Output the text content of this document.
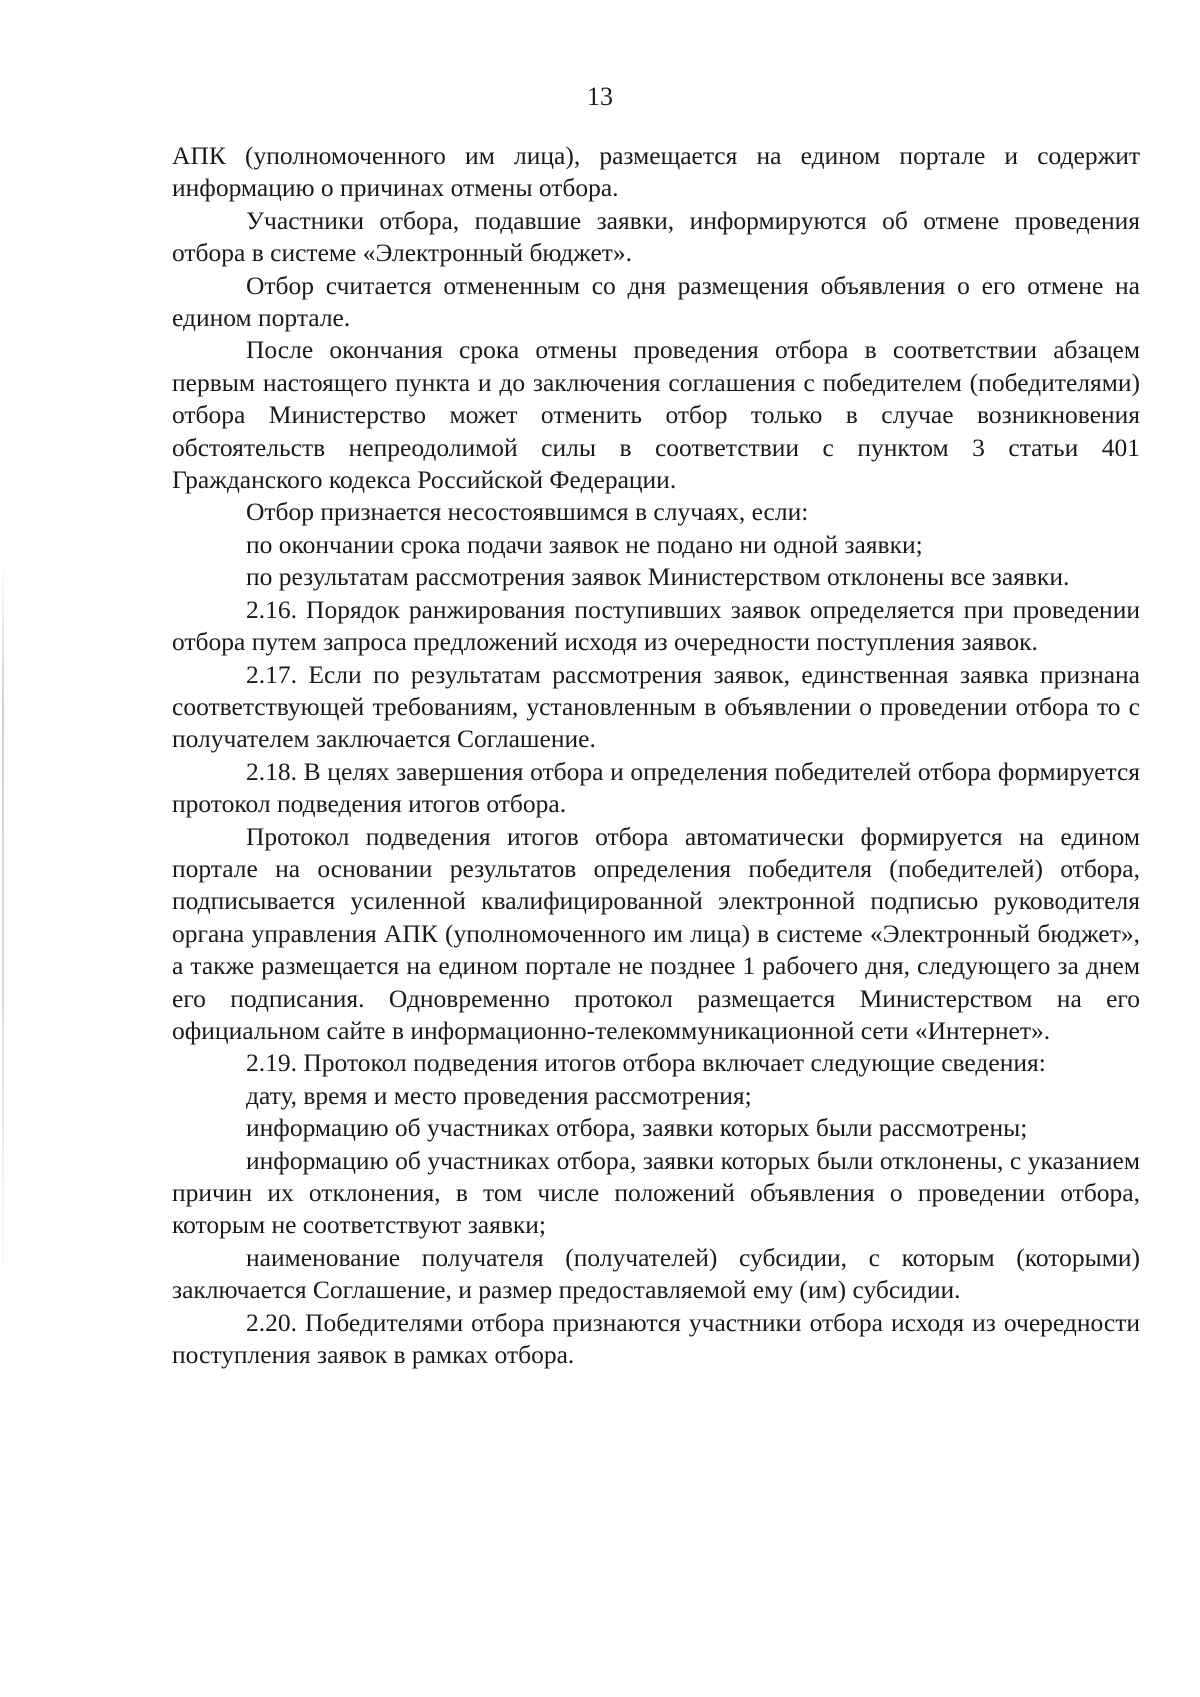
13

АПК (уполномоченного им лица), размещается на едином портале и содержит информацию о причинах отмены отбора.

Участники отбора, подавшие заявки, информируются об отмене проведения отбора в системе «Электронный бюджет».

Отбор считается отмененным со дня размещения объявления о его отмене на едином портале.

После окончания срока отмены проведения отбора в соответствии абзацем первым настоящего пункта и до заключения соглашения с победителем (победителями) отбора Министерство может отменить отбор только в случае возникновения обстоятельств непреодолимой силы в соответствии с пунктом 3 статьи 401 Гражданского кодекса Российской Федерации.

Отбор признается несостоявшимся в случаях, если:

по окончании срока подачи заявок не подано ни одной заявки;

по результатам рассмотрения заявок Министерством отклонены все заявки.

2.16. Порядок ранжирования поступивших заявок определяется при проведении отбора путем запроса предложений исходя из очередности поступления заявок.

2.17. Если по результатам рассмотрения заявок, единственная заявка признана соответствующей требованиям, установленным в объявлении о проведении отбора то с получателем заключается Соглашение.

2.18. В целях завершения отбора и определения победителей отбора формируется протокол подведения итогов отбора.

Протокол подведения итогов отбора автоматически формируется на едином портале на основании результатов определения победителя (победителей) отбора, подписывается усиленной квалифицированной электронной подписью руководителя органа управления АПК (уполномоченного им лица) в системе «Электронный бюджет», а также размещается на едином портале не позднее 1 рабочего дня, следующего за днем его подписания. Одновременно протокол размещается Министерством на его официальном сайте в информационно-телекоммуникационной сети «Интернет».

2.19. Протокол подведения итогов отбора включает следующие сведения:

дату, время и место проведения рассмотрения;

информацию об участниках отбора, заявки которых были рассмотрены;

информацию об участниках отбора, заявки которых были отклонены, с указанием причин их отклонения, в том числе положений объявления о проведении отбора, которым не соответствуют заявки;

наименование получателя (получателей) субсидии, с которым (которыми) заключается Соглашение, и размер предоставляемой ему (им) субсидии.

2.20. Победителями отбора признаются участники отбора исходя из очередности поступления заявок в рамках отбора.
